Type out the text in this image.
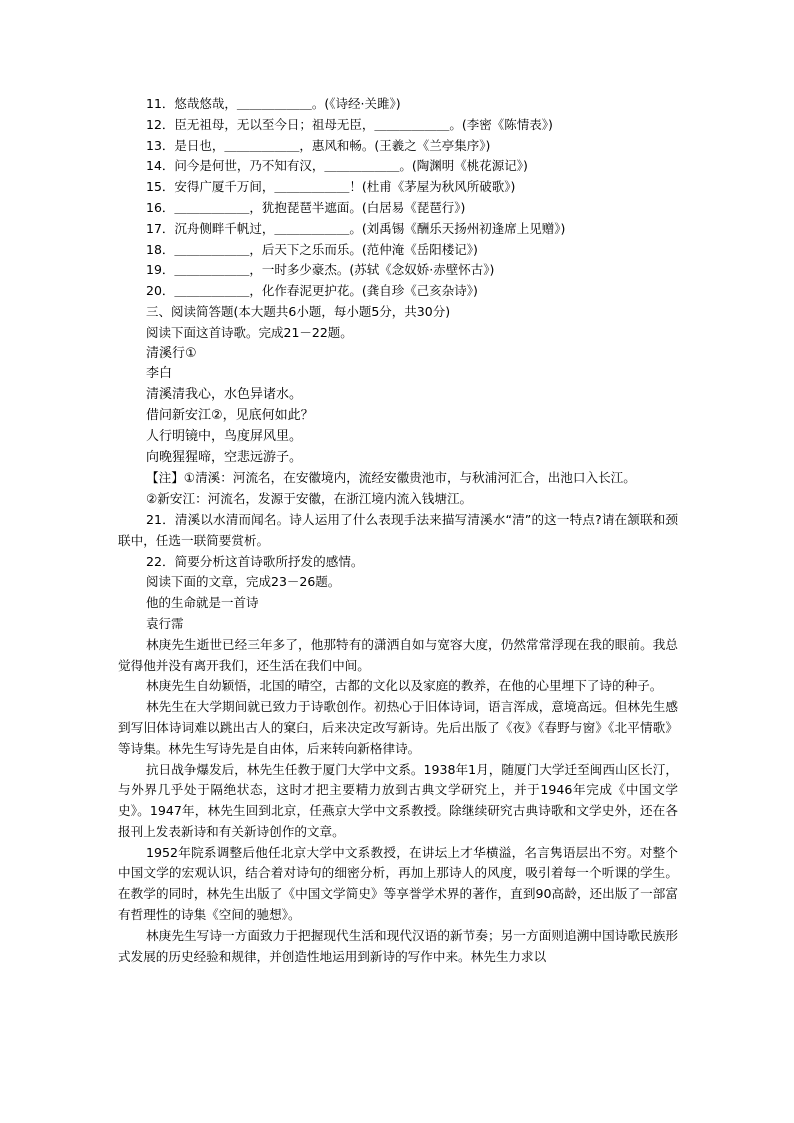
11．悠哉悠哉，＿＿＿＿＿＿。(《诗经·关雎》)
12．臣无祖母，无以至今日；祖母无臣，＿＿＿＿＿＿。(李密《陈情表》)
13．是日也，＿＿＿＿＿＿，惠风和畅。(王羲之《兰亭集序》)
14．问今是何世，乃不知有汉，＿＿＿＿＿＿。(陶渊明《桃花源记》)
15．安得广厦千万间，＿＿＿＿＿＿！(杜甫《茅屋为秋风所破歌》)
16．＿＿＿＿＿＿，犹抱琵琶半遮面。(白居易《琵琶行》)
17．沉舟侧畔千帆过，＿＿＿＿＿＿。(刘禹锡《酬乐天扬州初逢席上见赠》)
18．＿＿＿＿＿＿，后天下之乐而乐。(范仲淹《岳阳楼记》)
19．＿＿＿＿＿＿，一时多少豪杰。(苏轼《念奴娇·赤壁怀古》)
20．＿＿＿＿＿＿，化作春泥更护花。(龚自珍《己亥杂诗》)
三、阅读简答题(本大题共6小题，每小题5分，共30分)
阅读下面这首诗歌。完成21－22题。
清溪行①
李白
清溪清我心，水色异诸水。
借问新安江②，见底何如此？
人行明镜中，鸟度屏风里。
向晚猩猩啼，空悲远游子。

【注】①清溪：河流名，在安徽境内，流经安徽贵池市，与秋浦河汇合，出池口入长江。

②新安江：河流名，发源于安徽，在浙江境内流入钱塘江。

21．清溪以水清而闻名。诗人运用了什么表现手法来描写清溪水“清”的这一特点?请在颔联和颈联中，任选一联简要赏析。

22．简要分析这首诗歌所抒发的感情。

阅读下面的文章，完成23－26题。
他的生命就是一首诗
袁行霈

林庚先生逝世已经三年多了，他那特有的潇洒自如与宽容大度，仍然常常浮现在我的眼前。我总觉得他并没有离开我们，还生活在我们中间。

林庚先生自幼颖悟，北国的晴空，古都的文化以及家庭的教养，在他的心里埋下了诗的种子。

林先生在大学期间就已致力于诗歌创作。初热心于旧体诗词，语言浑成，意境高远。但林先生感到写旧体诗词难以跳出古人的窠臼，后来决定改写新诗。先后出版了《夜》《春野与窗》《北平情歌》等诗集。林先生写诗先是自由体，后来转向新格律诗。

抗日战争爆发后，林先生任教于厦门大学中文系。1938年1月，随厦门大学迁至闽西山区长汀，与外界几乎处于隔绝状态，这时才把主要精力放到古典文学研究上，并于1946年完成《中国文学史》。1947年，林先生回到北京，任燕京大学中文系教授。除继续研究古典诗歌和文学史外，还在各报刊上发表新诗和有关新诗创作的文章。

1952年院系调整后他任北京大学中文系教授，在讲坛上才华横溢，名言隽语层出不穷。对整个中国文学的宏观认识，结合着对诗句的细密分析，再加上那诗人的风度，吸引着每一个听课的学生。在教学的同时，林先生出版了《中国文学简史》等享誉学术界的著作，直到90高龄，还出版了一部富有哲理性的诗集《空间的驰想》。

林庚先生写诗一方面致力于把握现代生活和现代汉语的新节奏；另一方面则追溯中国诗歌民族形式发展的历史经验和规律，并创造性地运用到新诗的写作中来。林先生力求以
